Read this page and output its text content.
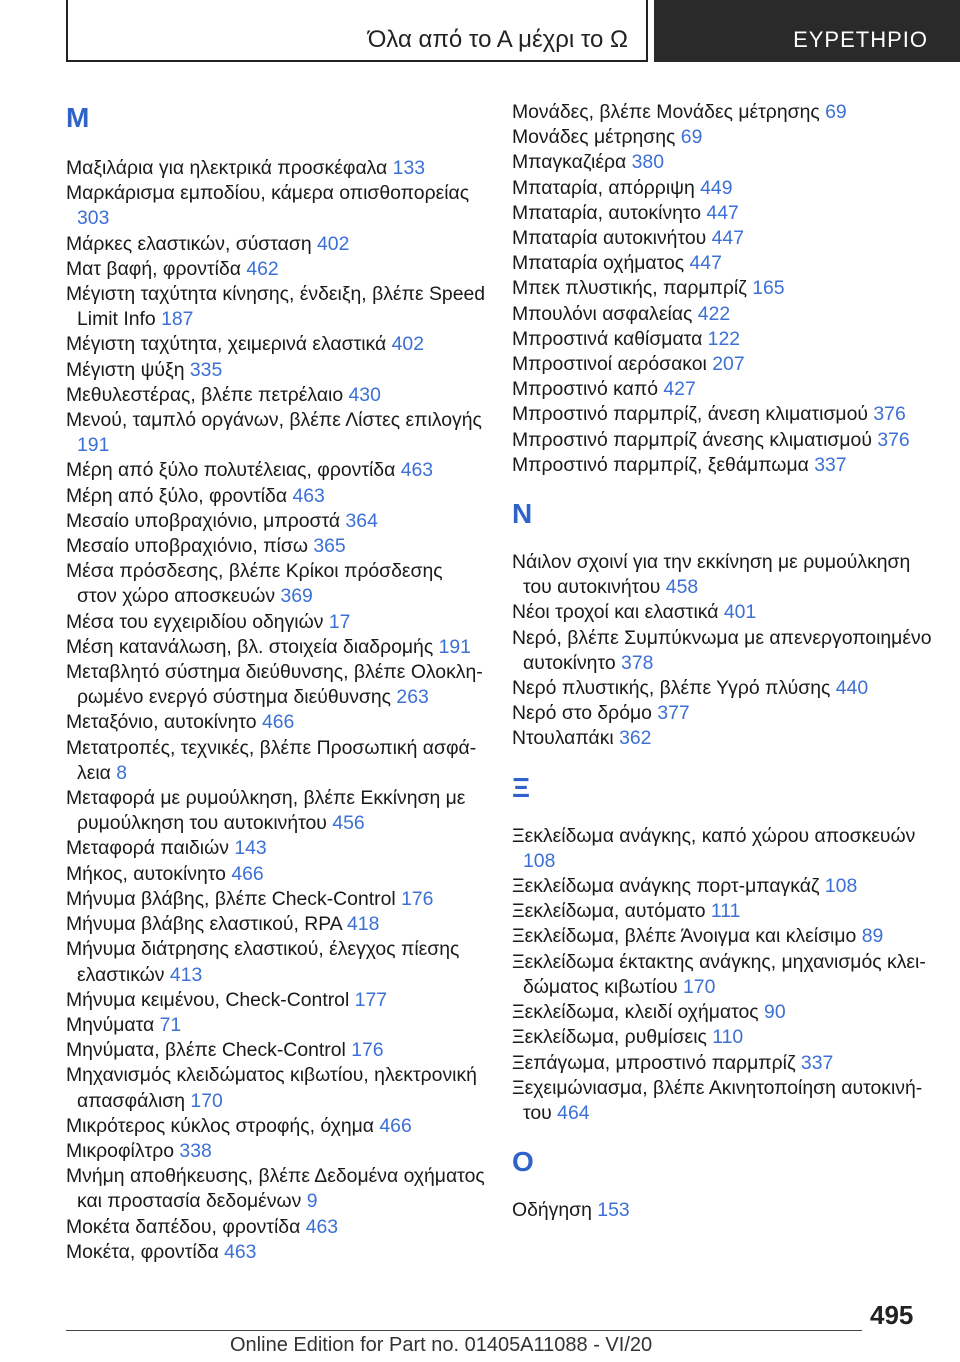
Όλα από το Α μέχρι το Ω	ΕΥΡΕΤΗΡΙΟ
M
Μαξιλάρια για ηλεκτρικά προσκέφαλα 133
Μαρκάρισμα εμποδίου, κάμερα οπισθοπορείας 303
Μάρκες ελαστικών, σύσταση 402
Ματ βαφή, φροντίδα 462
Μέγιστη ταχύτητα κίνησης, ένδειξη, βλέπε Speed Limit Info 187
Μέγιστη ταχύτητα, χειμερινά ελαστικά 402
Μέγιστη ψύξη 335
Μεθυλεστέρας, βλέπε πετρέλαιο 430
Μενού, ταμπλό οργάνων, βλέπε Λίστες επιλογής 191
Μέρη από ξύλο πολυτέλειας, φροντίδα 463
Μέρη από ξύλο, φροντίδα 463
Μεσαίο υποβραχιόνιο, μπροστά 364
Μεσαίο υποβραχιόνιο, πίσω 365
Μέσα πρόσδεσης, βλέπε Κρίκοι πρόσδεσης στον χώρο αποσκευών 369
Μέσα του εγχειριδίου οδηγιών 17
Μέση κατανάλωση, βλ. στοιχεία διαδρομής 191
Μεταβλητό σύστημα διεύθυνσης, βλέπε Ολοκληρωμένο ενεργό σύστημα διεύθυνσης 263
Μεταξόνιο, αυτοκίνητο 466
Μετατροπές, τεχνικές, βλέπε Προσωπική ασφάλεια 8
Μεταφορά με ρυμούλκηση, βλέπε Εκκίνηση με ρυμούλκηση του αυτοκινήτου 456
Μεταφορά παιδιών 143
Μήκος, αυτοκίνητο 466
Μήνυμα βλάβης, βλέπε Check-Control 176
Μήνυμα βλάβης ελαστικού, RPA 418
Μήνυμα διάτρησης ελαστικού, έλεγχος πίεσης ελαστικών 413
Μήνυμα κειμένου, Check-Control 177
Μηνύματα 71
Μηνύματα, βλέπε Check-Control 176
Μηχανισμός κλειδώματος κιβωτίου, ηλεκτρονική απασφάλιση 170
Μικρότερος κύκλος στροφής, όχημα 466
Μικροφίλτρο 338
Μνήμη αποθήκευσης, βλέπε Δεδομένα οχήματος και προστασία δεδομένων 9
Μοκέτα δαπέδου, φροντίδα 463
Μοκέτα, φροντίδα 463
Μονάδες, βλέπε Μονάδες μέτρησης 69
Μονάδες μέτρησης 69
Μπαγκαζιέρα 380
Μπαταρία, απόρριψη 449
Μπαταρία, αυτοκίνητο 447
Μπαταρία αυτοκινήτου 447
Μπαταρία οχήματος 447
Μπεκ πλυστικής, παρμπρίζ 165
Μπουλόνι ασφαλείας 422
Μπροστινά καθίσματα 122
Μπροστινοί αερόσακοι 207
Μπροστινό καπό 427
Μπροστινό παρμπρίζ, άνεση κλιματισμού 376
Μπροστινό παρμπρίζ άνεσης κλιματισμού 376
Μπροστινό παρμπρίζ, ξεθάμπωμα 337
N
Νάιλον σχοινί για την εκκίνηση με ρυμούλκηση του αυτοκινήτου 458
Νέοι τροχοί και ελαστικά 401
Νερό, βλέπε Συμπύκνωμα με απενεργοποιημένο αυτοκίνητο 378
Νερό πλυστικής, βλέπε Υγρό πλύσης 440
Νερό στο δρόμο 377
Ντουλαπάκι 362
Ξ
Ξεκλείδωμα ανάγκης, καπό χώρου αποσκευών 108
Ξεκλείδωμα ανάγκης πορτ-μπαγκάζ 108
Ξεκλείδωμα, αυτόματο 111
Ξεκλείδωμα, βλέπε Άνοιγμα και κλείσιμο 89
Ξεκλείδωμα έκτακτης ανάγκης, μηχανισμός κλειδώματος κιβωτίου 170
Ξεκλείδωμα, κλειδί οχήματος 90
Ξεκλείδωμα, ρυθμίσεις 110
Ξεπάγωμα, μπροστινό παρμπρίζ 337
Ξεχειμώνιασμα, βλέπε Ακινητοποίηση αυτοκινήτου 464
O
Οδήγηση 153
495
Online Edition for Part no. 01405A11088 - VI/20
